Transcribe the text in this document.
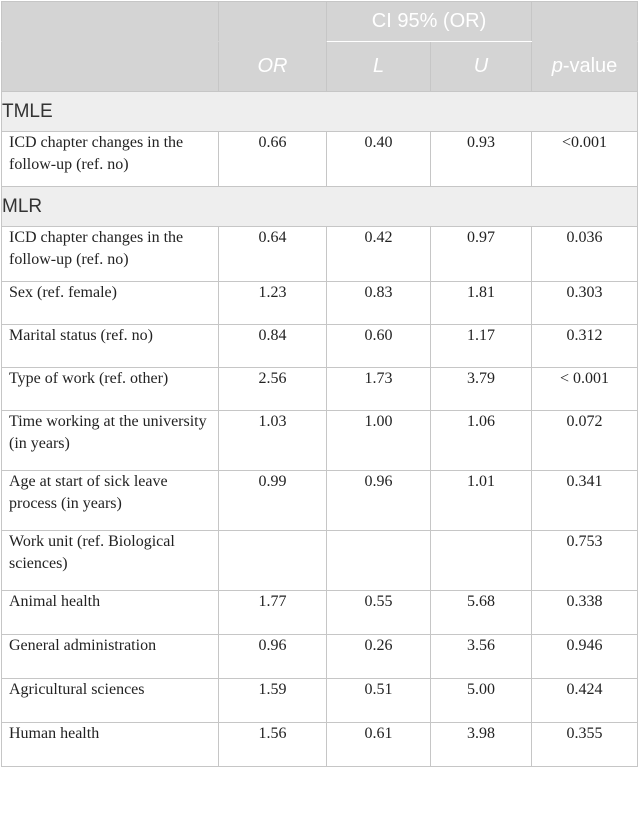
		CI 95% (OR)		
	OR	L	U	p-value
TMLE				
ICD chapter changes in the follow-up (ref. no)	0.66	0.40	0.93	<0.001
MLR				
ICD chapter changes in the follow-up (ref. no)	0.64	0.42	0.97	0.036
Sex (ref. female)	1.23	0.83	1.81	0.303
Marital status (ref. no)	0.84	0.60	1.17	0.312
Type of work (ref. other)	2.56	1.73	3.79	< 0.001
Time working at the university (in years)	1.03	1.00	1.06	0.072
Age at start of sick leave process (in years)	0.99	0.96	1.01	0.341
Work unit (ref. Biological sciences)				0.753
Animal health	1.77	0.55	5.68	0.338
General administration	0.96	0.26	3.56	0.946
Agricultural sciences	1.59	0.51	5.00	0.424
Human health	1.56	0.61	3.98	0.355
